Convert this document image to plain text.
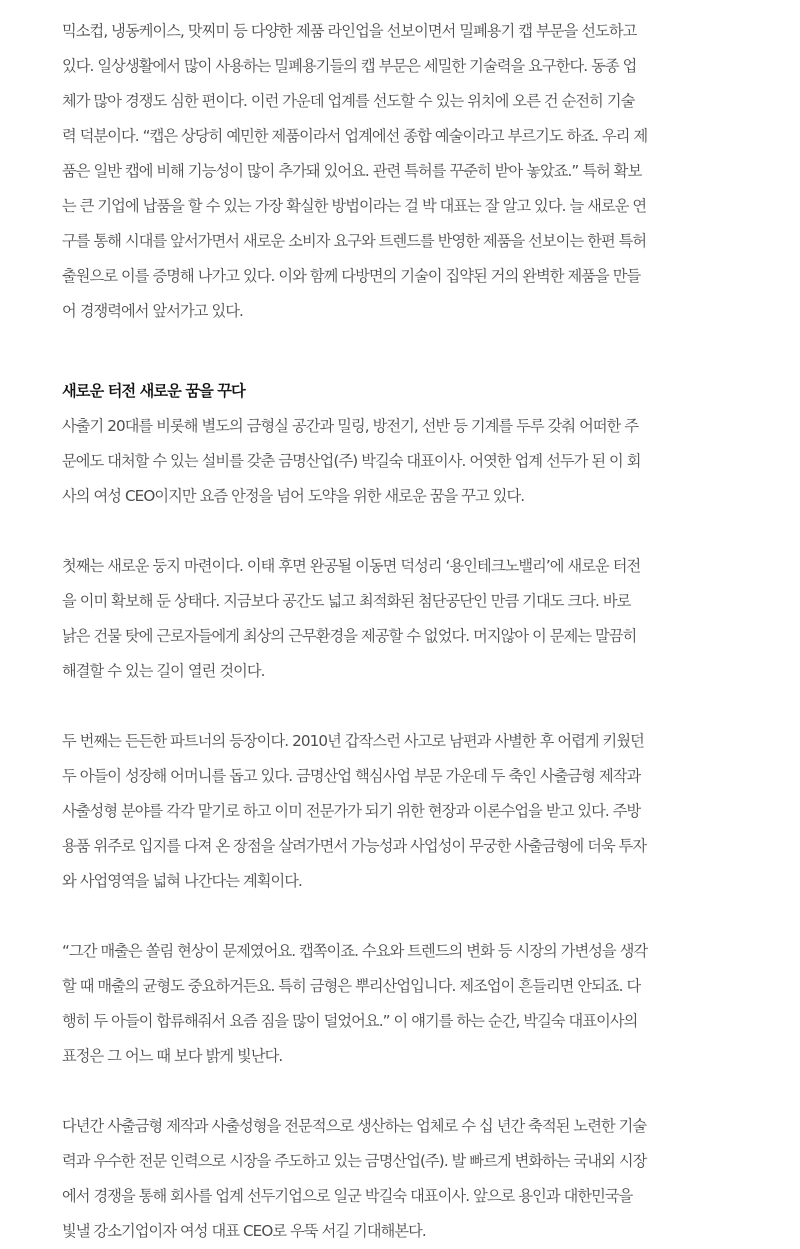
믹소컵, 냉동케이스, 맛찌미 등 다양한 제품 라인업을 선보이면서 밀폐용기 캡 부문을 선도하고
있다. 일상생활에서 많이 사용하는 밀폐용기들의 캡 부문은 세밀한 기술력을 요구한다. 동종 업
체가 많아 경쟁도 심한 편이다. 이런 가운데 업계를 선도할 수 있는 위치에 오른 건 순전히 기술
력 덕분이다. “캡은 상당히 예민한 제품이라서 업계에선 종합 예술이라고 부르기도 하죠. 우리 제
품은 일반 캡에 비해 기능성이 많이 추가돼 있어요. 관련 특허를 꾸준히 받아 놓았죠.” 특허 확보
는 큰 기업에 납품을 할 수 있는 가장 확실한 방법이라는 걸 박 대표는 잘 알고 있다. 늘 새로운 연
구를 통해 시대를 앞서가면서 새로운 소비자 요구와 트렌드를 반영한 제품을 선보이는 한편 특허
출원으로 이를 증명해 나가고 있다. 이와 함께 다방면의 기술이 집약된 거의 완벽한 제품을 만들
어 경쟁력에서 앞서가고 있다.

새로운 터전 새로운 꿈을 꾸다

사출기 20대를 비롯해 별도의 금형실 공간과 밀링, 방전기, 선반 등 기계를 두루 갖춰 어떠한 주
문에도 대처할 수 있는 설비를 갖춘 금명산업(주) 박길숙 대표이사. 어엿한 업계 선두가 된 이 회
사의 여성 CEO이지만 요즘 안정을 넘어 도약을 위한 새로운 꿈을 꾸고 있다.

첫째는 새로운 둥지 마련이다. 이태 후면 완공될 이동면 덕성리 ‘용인테크노밸리’에 새로운 터전
을 이미 확보해 둔 상태다. 지금보다 공간도 넓고 최적화된 첨단공단인 만큼 기대도 크다. 바로
낡은 건물 탓에 근로자들에게 최상의 근무환경을 제공할 수 없었다. 머지않아 이 문제는 말끔히
해결할 수 있는 길이 열린 것이다.

두 번째는 든든한 파트너의 등장이다. 2010년 갑작스런 사고로 남편과 사별한 후 어렵게 키웠던
두 아들이 성장해 어머니를 돕고 있다. 금명산업 핵심사업 부문 가운데 두 축인 사출금형 제작과
사출성형 분야를 각각 맡기로 하고 이미 전문가가 되기 위한 현장과 이론수업을 받고 있다. 주방
용품 위주로 입지를 다져 온 장점을 살려가면서 가능성과 사업성이 무궁한 사출금형에 더욱 투자
와 사업영역을 넓혀 나간다는 계획이다.

“그간 매출은 쏠림 현상이 문제였어요. 캡쪽이죠. 수요와 트렌드의 변화 등 시장의 가변성을 생각
할 때 매출의 균형도 중요하거든요. 특히 금형은 뿌리산업입니다. 제조업이 흔들리면 안되죠. 다
행히 두 아들이 합류해줘서 요즘 짐을 많이 덜었어요.” 이 얘기를 하는 순간, 박길숙 대표이사의
표정은 그 어느 때 보다 밝게 빛난다.

다년간 사출금형 제작과 사출성형을 전문적으로 생산하는 업체로 수 십 년간 축적된 노련한 기술
력과 우수한 전문 인력으로 시장을 주도하고 있는 금명산업(주). 발 빠르게 변화하는 국내외 시장
에서 경쟁을 통해 회사를 업계 선두기업으로 일군 박길숙 대표이사. 앞으로 용인과 대한민국을
빛낼 강소기업이자 여성 대표 CEO로 우뚝 서길 기대해본다.
